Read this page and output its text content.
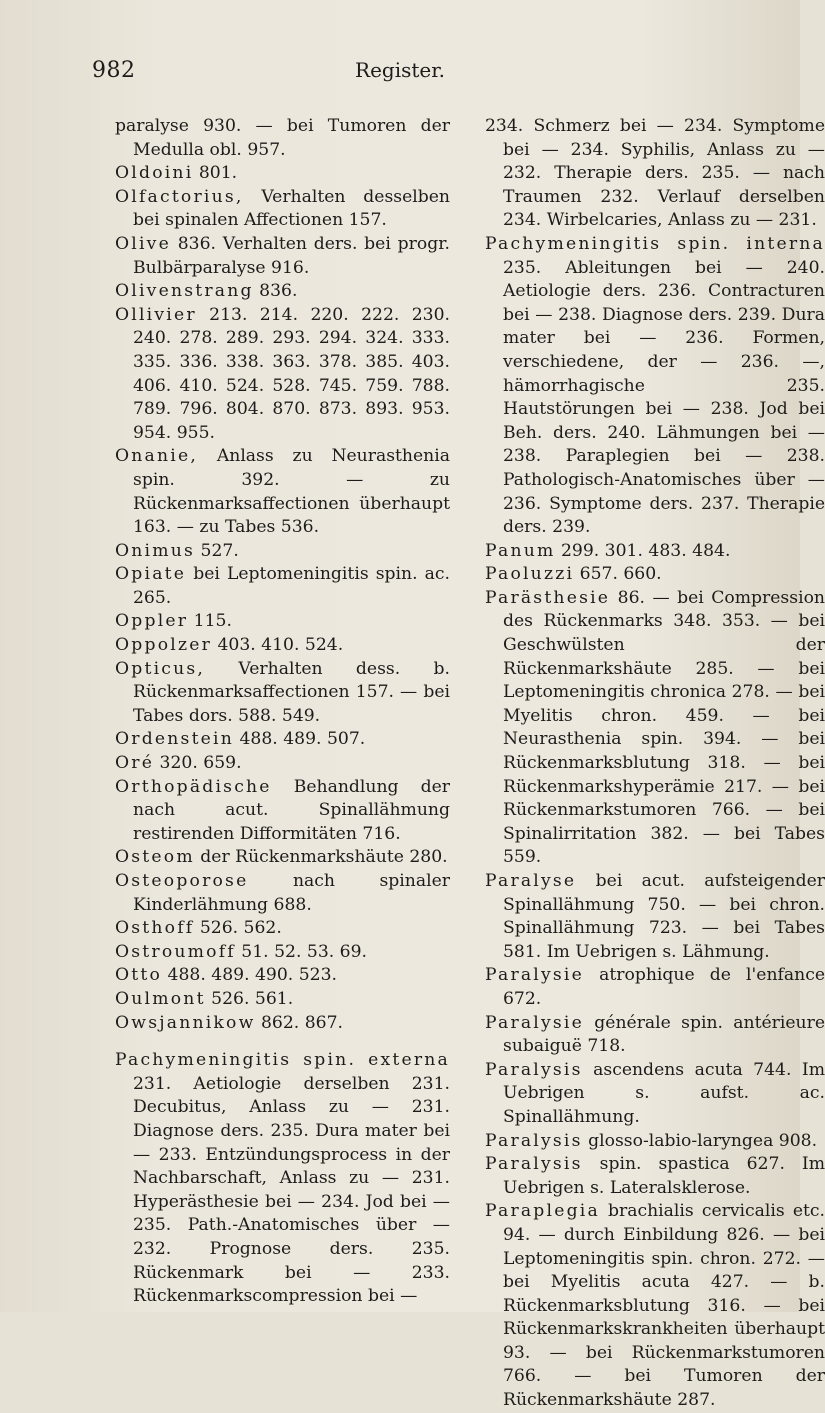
982	Register.

paralyse 930. — bei Tumoren der Medulla obl. 957.

Oldoini 801.

Olfactorius, Verhalten desselben bei spinalen Affectionen 157.

Olive 836. Verhalten ders. bei progr. Bulbärparalyse 916.

Olivenstrang 836.

Ollivier 213. 214. 220. 222. 230. 240. 278. 289. 293. 294. 324. 333. 335. 336. 338. 363. 378. 385. 403. 406. 410. 524. 528. 745. 759. 788. 789. 796. 804. 870. 873. 893. 953. 954. 955.

Onanie, Anlass zu Neurasthenia spin. 392. — zu Rückenmarksaffectionen überhaupt 163. — zu Tabes 536.

Onimus 527.

Opiate bei Leptomeningitis spin. ac. 265.

Oppler 115.

Oppolzer 403. 410. 524.

Opticus, Verhalten dess. b. Rückenmarksaffectionen 157. — bei Tabes dors. 588. 549.

Ordenstein 488. 489. 507.

Oré 320. 659.

Orthopädische Behandlung der nach acut. Spinallähmung restirenden Difformitäten 716.

Osteom der Rückenmarkshäute 280.

Osteoporose nach spinaler Kinderlähmung 688.

Osthoff 526. 562.

Ostroumoff 51. 52. 53. 69.

Otto 488. 489. 490. 523.

Oulmont 526. 561.

Owsjannikow 862. 867.

Pachymeningitis spin. externa 231. Aetiologie derselben 231. Decubitus, Anlass zu — 231. Diagnose ders. 235. Dura mater bei — 233. Entzündungsprocess in der Nachbarschaft, Anlass zu — 231. Hyperästhesie bei — 234. Jod bei — 235. Path.-Anatomisches über — 232. Prognose ders. 235. Rückenmark bei — 233. Rückenmarkscompression bei —

234. Schmerz bei — 234. Symptome bei — 234. Syphilis, Anlass zu — 232. Therapie ders. 235. — nach Traumen 232. Verlauf derselben 234. Wirbelcaries, Anlass zu — 231.

Pachymeningitis spin. interna 235. Ableitungen bei — 240. Aetiologie ders. 236. Contracturen bei — 238. Diagnose ders. 239. Dura mater bei — 236. Formen, verschiedene, der — 236. —, hämorrhagische 235. Hautstörungen bei — 238. Jod bei Beh. ders. 240. Lähmungen bei — 238. Paraplegien bei — 238. Pathologisch-Anatomisches über — 236. Symptome ders. 237. Therapie ders. 239.

Panum 299. 301. 483. 484.

Paoluzzi 657. 660.

Parästhesie 86. — bei Compression des Rückenmarks 348. 353. — bei Geschwülsten der Rückenmarkshäute 285. — bei Leptomeningitis chronica 278. — bei Myelitis chron. 459. — bei Neurasthenia spin. 394. — bei Rückenmarksblutung 318. — bei Rückenmarkshyperämie 217. — bei Rückenmarkstumoren 766. — bei Spinalirritation 382. — bei Tabes 559.

Paralyse bei acut. aufsteigender Spinallähmung 750. — bei chron. Spinallähmung 723. — bei Tabes 581. Im Uebrigen s. Lähmung.

Paralysie atrophique de l'enfance 672.

Paralysie générale spin. antérieure subaiguë 718.

Paralysis ascendens acuta 744. Im Uebrigen s. aufst. ac. Spinallähmung.

Paralysis glosso-labio-laryngea 908.

Paralysis spin. spastica 627. Im Uebrigen s. Lateralsklerose.

Paraplegia brachialis cervicalis etc. 94. — durch Einbildung 826. — bei Leptomeningitis spin. chron. 272. — bei Myelitis acuta 427. — b. Rückenmarksblutung 316. — bei Rückenmarkskrankheiten überhaupt 93. — bei Rückenmarkstumoren 766. — bei Tumoren der Rückenmarkshäute 287.
